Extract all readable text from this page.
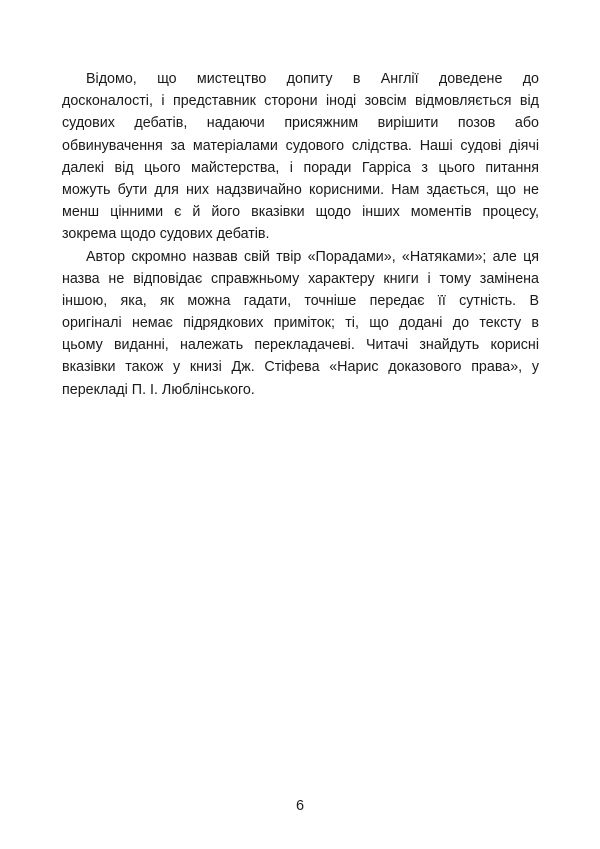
Відомо, що мистецтво допиту в Англії доведене до
досконалості, і представник сторони іноді зовсім відмовляється від
судових дебатів, надаючи присяжним вирішити позов або
обвинувачення за матеріалами судового слідства. Наші судові діячі
далекі від цього майстерства, і поради Гарріса з цього питання
можуть бути для них надзвичайно корисними. Нам здається, що не
менш цінними є й його вказівки щодо інших моментів процесу,
зокрема щодо судових дебатів.
Автор скромно назвав свій твір «Порадами», «Натяками»; але ця
назва не відповідає справжньому характеру книги і тому замінена
іншою, яка, як можна гадати, точніше передає її сутність. В
оригіналі немає підрядкових приміток; ті, що додані до тексту в
цьому виданні, належать перекладачеві. Читачі знайдуть корисні
вказівки також у книзі Дж. Стіфева «Нарис доказового права», у
перекладі П. І. Люблінського.
6
